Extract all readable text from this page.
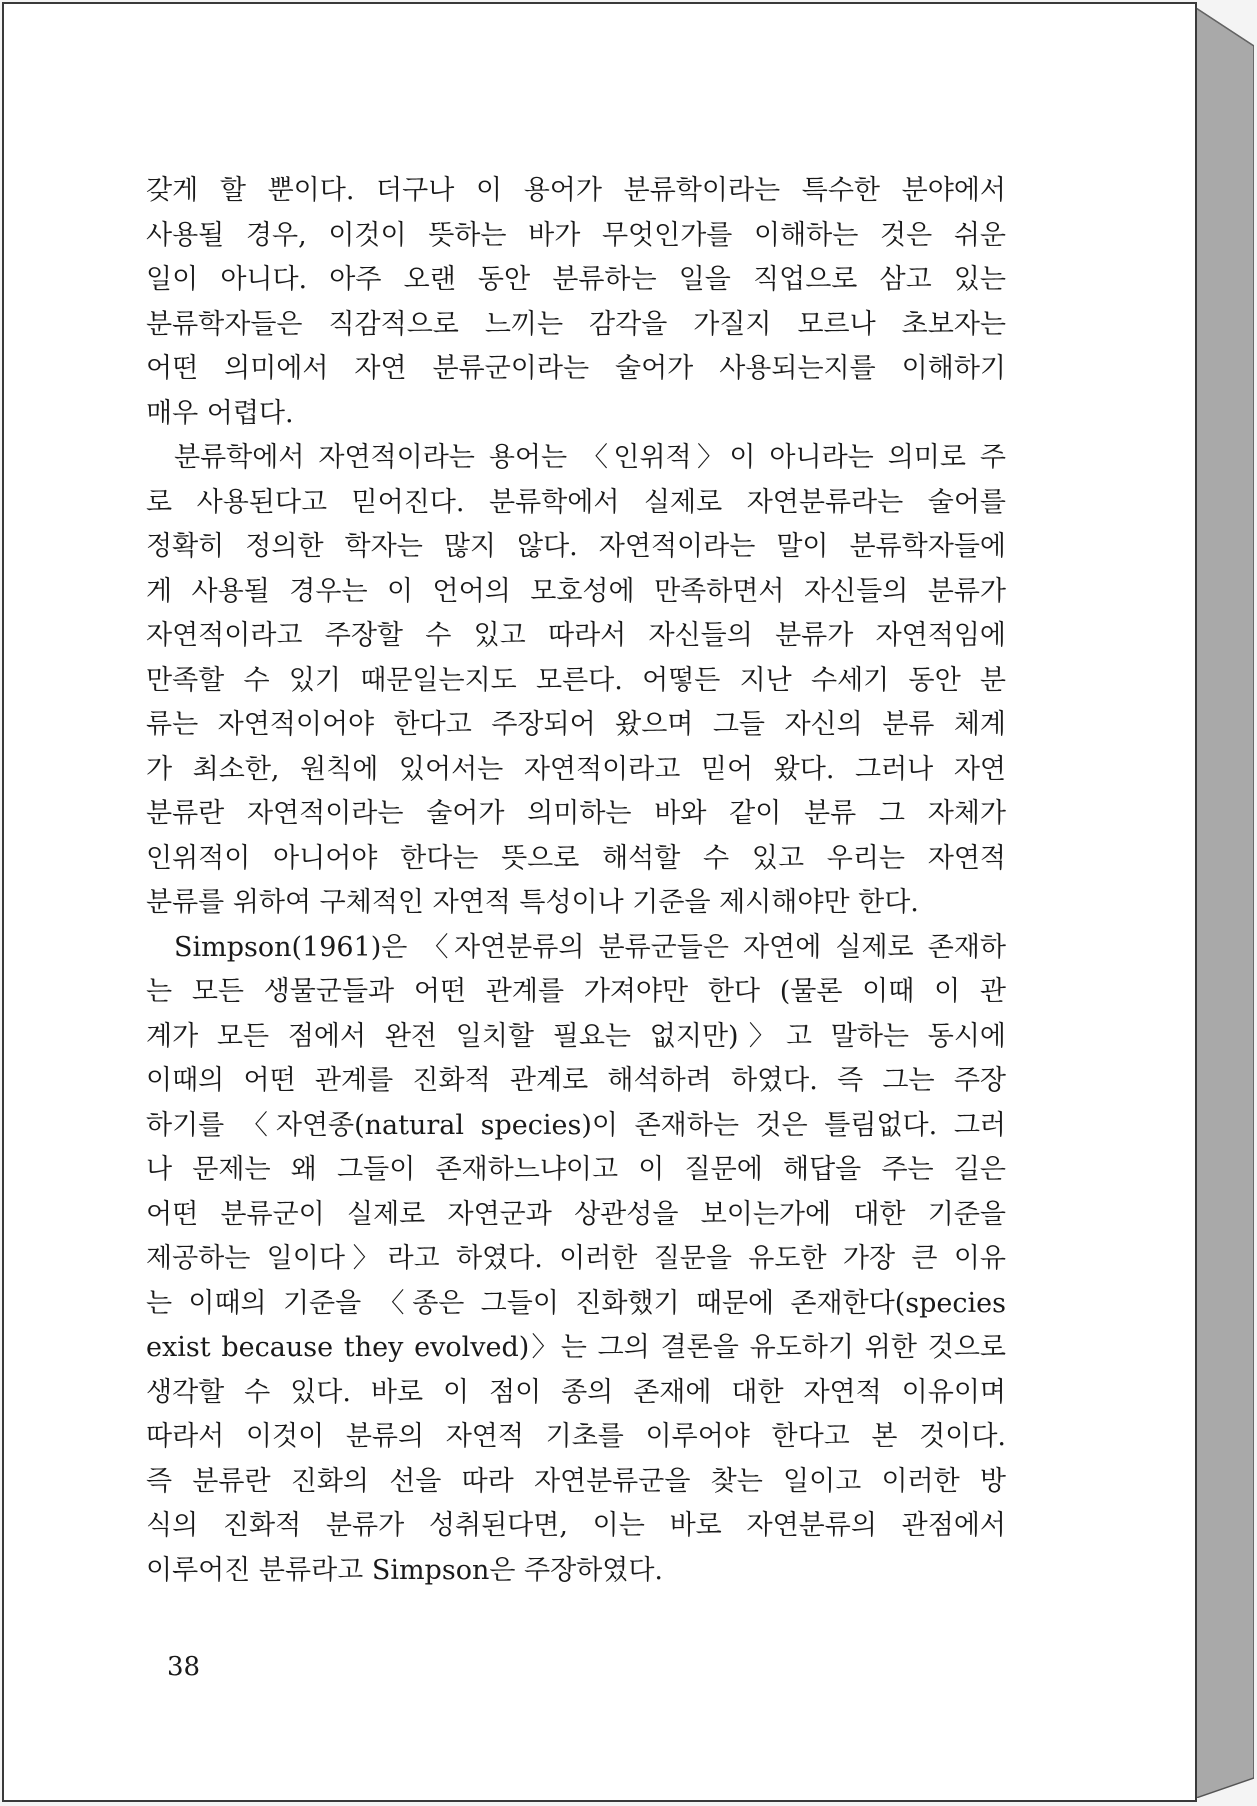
갖게 할 뿐이다. 더구나 이 용어가 분류학이라는 특수한 분야에서
사용될 경우, 이것이 뜻하는 바가 무엇인가를 이해하는 것은 쉬운
일이 아니다. 아주 오랜 동안 분류하는 일을 직업으로 삼고 있는
분류학자들은 직감적으로 느끼는 감각을 가질지 모르나 초보자는
어떤 의미에서 자연 분류군이라는 술어가 사용되는지를 이해하기
매우 어렵다.
분류학에서 자연적이라는 용어는 〈인위적〉이 아니라는 의미로 주
로 사용된다고 믿어진다. 분류학에서 실제로 자연분류라는 술어를
정확히 정의한 학자는 많지 않다. 자연적이라는 말이 분류학자들에
게 사용될 경우는 이 언어의 모호성에 만족하면서 자신들의 분류가
자연적이라고 주장할 수 있고 따라서 자신들의 분류가 자연적임에
만족할 수 있기 때문일는지도 모른다. 어떻든 지난 수세기 동안 분
류는 자연적이어야 한다고 주장되어 왔으며 그들 자신의 분류 체계
가 최소한, 원칙에 있어서는 자연적이라고 믿어 왔다. 그러나 자연
분류란 자연적이라는 술어가 의미하는 바와 같이 분류 그 자체가
인위적이 아니어야 한다는 뜻으로 해석할 수 있고 우리는 자연적
분류를 위하여 구체적인 자연적 특성이나 기준을 제시해야만 한다.
Simpson(1961)은 〈자연분류의 분류군들은 자연에 실제로 존재하
는 모든 생물군들과 어떤 관계를 가져야만 한다 (물론 이때 이 관
계가 모든 점에서 완전 일치할 필요는 없지만)〉고 말하는 동시에
이때의 어떤 관계를 진화적 관계로 해석하려 하였다. 즉 그는 주장
하기를 〈자연종(natural species)이 존재하는 것은 틀림없다. 그러
나 문제는 왜 그들이 존재하느냐이고 이 질문에 해답을 주는 길은
어떤 분류군이 실제로 자연군과 상관성을 보이는가에 대한 기준을
제공하는 일이다〉라고 하였다. 이러한 질문을 유도한 가장 큰 이유
는 이때의 기준을 〈종은 그들이 진화했기 때문에 존재한다(species
exist because they evolved)〉는 그의 결론을 유도하기 위한 것으로
생각할 수 있다. 바로 이 점이 종의 존재에 대한 자연적 이유이며
따라서 이것이 분류의 자연적 기초를 이루어야 한다고 본 것이다.
즉 분류란 진화의 선을 따라 자연분류군을 찾는 일이고 이러한 방
식의 진화적 분류가 성취된다면, 이는 바로 자연분류의 관점에서
이루어진 분류라고 Simpson은 주장하였다.
38
